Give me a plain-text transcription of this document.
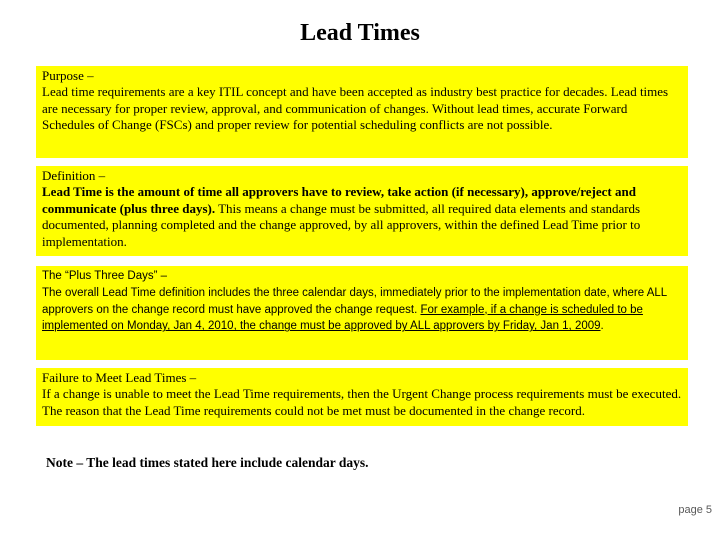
Lead Times
Purpose –
Lead time requirements are a key ITIL concept and have been accepted as industry best practice for decades. Lead times are necessary for proper review, approval, and communication of changes. Without lead times, accurate Forward Schedules of Change (FSCs) and proper review for potential scheduling conflicts are not possible.
Definition –
Lead Time is the amount of time all approvers have to review, take action (if necessary), approve/reject and communicate (plus three days). This means a change must be submitted, all required data elements and standards documented, planning completed and the change approved, by all approvers, within the defined Lead Time prior to implementation.
The “Plus Three Days” –
The overall Lead Time definition includes the three calendar days, immediately prior to the implementation date, where ALL approvers on the change record must have approved the change request. For example, if a change is scheduled to be implemented on Monday, Jan 4, 2010, the change must be approved by ALL approvers by Friday, Jan 1, 2009.
Failure to Meet Lead Times –
If a change is unable to meet the Lead Time requirements, then the Urgent Change process requirements must be executed. The reason that the Lead Time requirements could not be met must be documented in the change record.
Note – The lead times stated here include calendar days.
page 5
